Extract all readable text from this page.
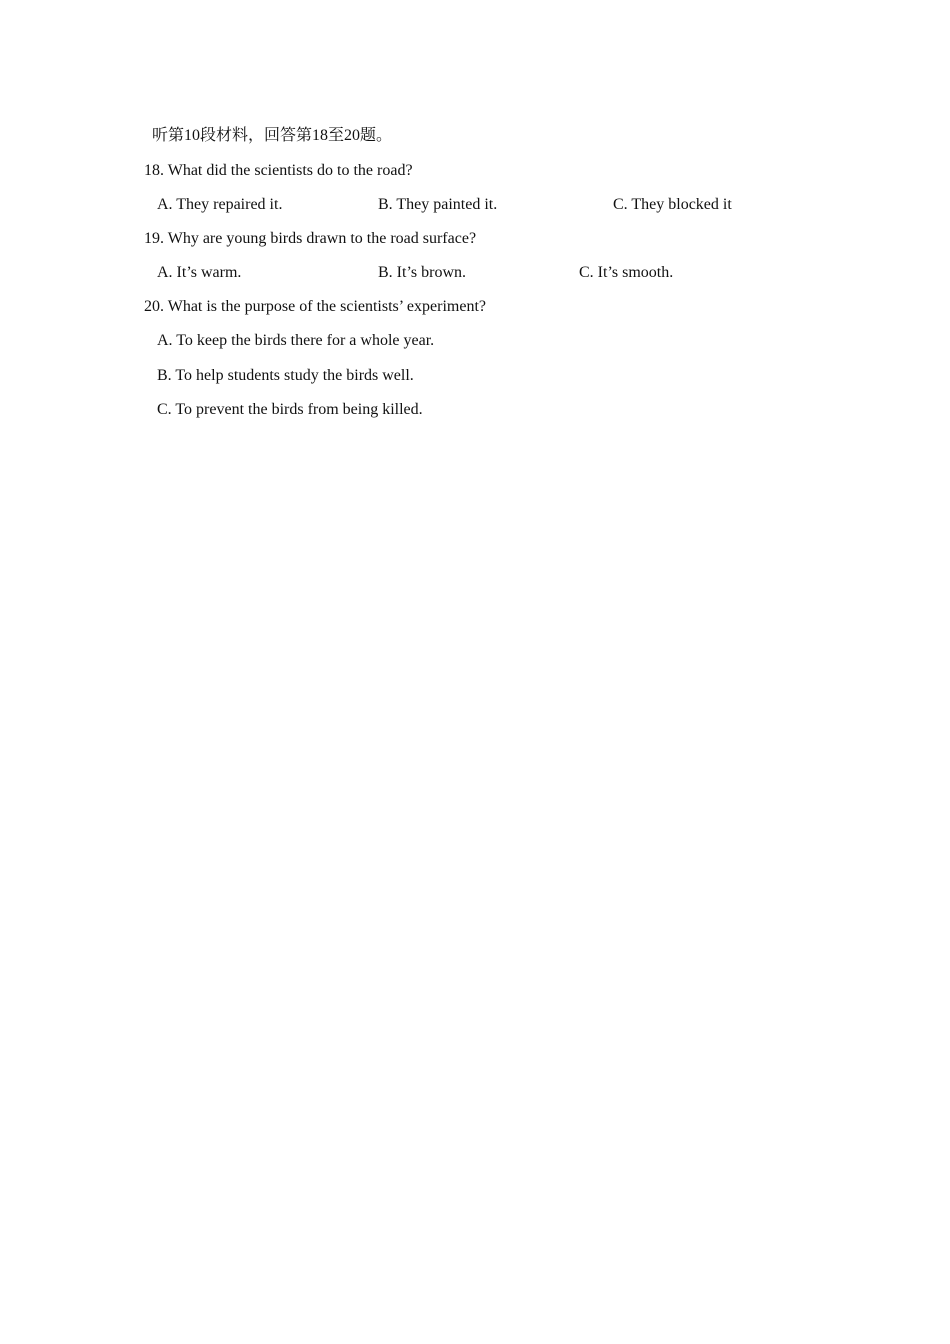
听第10段材料，回答第18至20题。
18. What did the scientists do to the road?
A. They repaired it.	B. They painted it.	C. They blocked it
19. Why are young birds drawn to the road surface?
A. It’s warm.	B. It’s brown.	C. It’s smooth.
20. What is the purpose of the scientists’ experiment?
A. To keep the birds there for a whole year.
B. To help students study the birds well.
C. To prevent the birds from being killed.
